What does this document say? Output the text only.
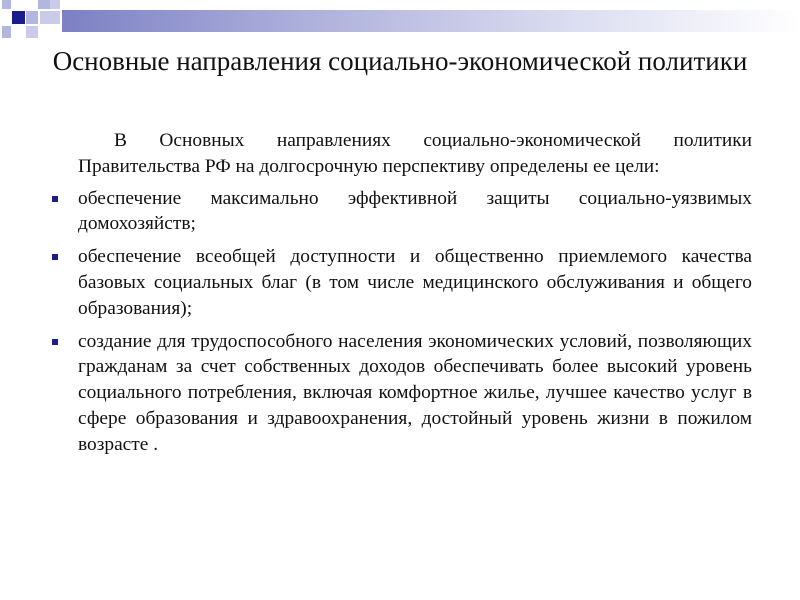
Основные направления социально-экономической политики

В Основных направлениях социально-экономической политики Правительства РФ на долгосрочную перспективу определены ее цели:

обеспечение максимально эффективной защиты социально-уязвимых домохозяйств;
обеспечение всеобщей доступности и общественно приемлемого качества базовых социальных благ (в том числе медицинского обслуживания и общего образования);
создание для трудоспособного населения экономических условий, позволяющих гражданам за счет собственных доходов обеспечивать более высокий уровень социального потребления, включая комфортное жилье, лучшее качество услуг в сфере образования и здравоохранения, достойный уровень жизни в пожилом возрасте .
